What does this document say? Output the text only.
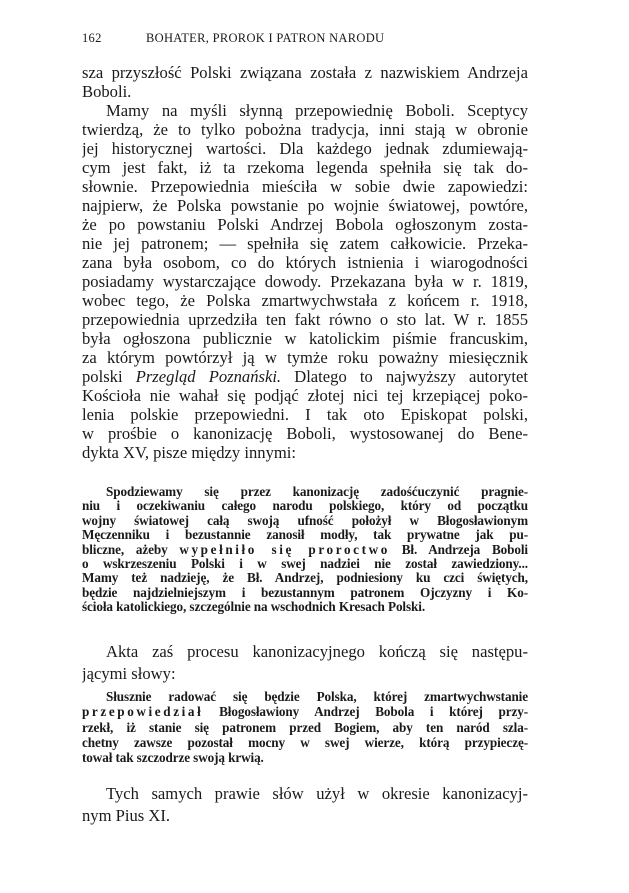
162	BOHATER, PROROK I PATRON NARODU
sza przyszłość Polski związana została z nazwiskiem Andrzeja
Boboli.
Mamy na myśli słynną przepowiednię Boboli. Sceptycy
twierdzą, że to tylko pobożna tradycja, inni stają w obronie
jej historycznej wartości. Dla każdego jednak zdumiewają-
cym jest fakt, iż ta rzekoma legenda spełniła się tak do-
słownie. Przepowiednia mieściła w sobie dwie zapowiedzi:
najpierw, że Polska powstanie po wojnie światowej, powtóre,
że po powstaniu Polski Andrzej Bobola ogłoszonym zosta-
nie jej patronem; — spełniła się zatem całkowicie. Przeka-
zana była osobom, co do których istnienia i wiarogodności
posiadamy wystarczające dowody. Przekazana była w r. 1819,
wobec tego, że Polska zmartwychwstała z końcem r. 1918,
przepowiednia uprzedziła ten fakt równo o sto lat. W r. 1855
była ogłoszona publicznie w katolickim piśmie francuskim,
za którym powtórzył ją w tymże roku poważny miesięcznik
polski Przegląd Poznański. Dlatego to najwyższy autorytet
Kościoła nie wahał się podjąć złotej nici tej krzepiącej poko-
lenia polskie przepowiedni. I tak oto Episkopat polski,
w prośbie o kanonizację Boboli, wystosowanej do Bene-
dykta XV, pisze między innymi:
Spodziewamy się przez kanonizację zadośćuczynić pragnie-
niu i oczekiwaniu całego narodu polskiego, który od początku
wojny światowej całą swoją ufność położył w Błogosławionym
Męczenniku i bezustannie zanosił modły, tak prywatne jak pu-
bliczne, ażeby wypełniło się proroctwo Bł. Andrzeja Boboli
o wskrzeszeniu Polski i w swej nadziei nie został zawiedziony...
Mamy też nadzieję, że Bł. Andrzej, podniesiony ku czci świętych,
będzie najdzielniejszym i bezustannym patronem Ojczyzny i Ko-
ścioła katolickiego, szczególnie na wschodnich Kresach Polski.
Akta zaś procesu kanonizacyjnego kończą się następu-
jącymi słowy:
Słusznie radować się będzie Polska, której zmartwychwstanie
przepowiedział Błogosławiony Andrzej Bobola i której przy-
rzekł, iż stanie się patronem przed Bogiem, aby ten naród szla-
chetny zawsze pozostał mocny w swej wierze, którą przypieczę-
tował tak szczodrze swoją krwią.
Tych samych prawie słów użył w okresie kanonizacyj-
nym Pius XI.
